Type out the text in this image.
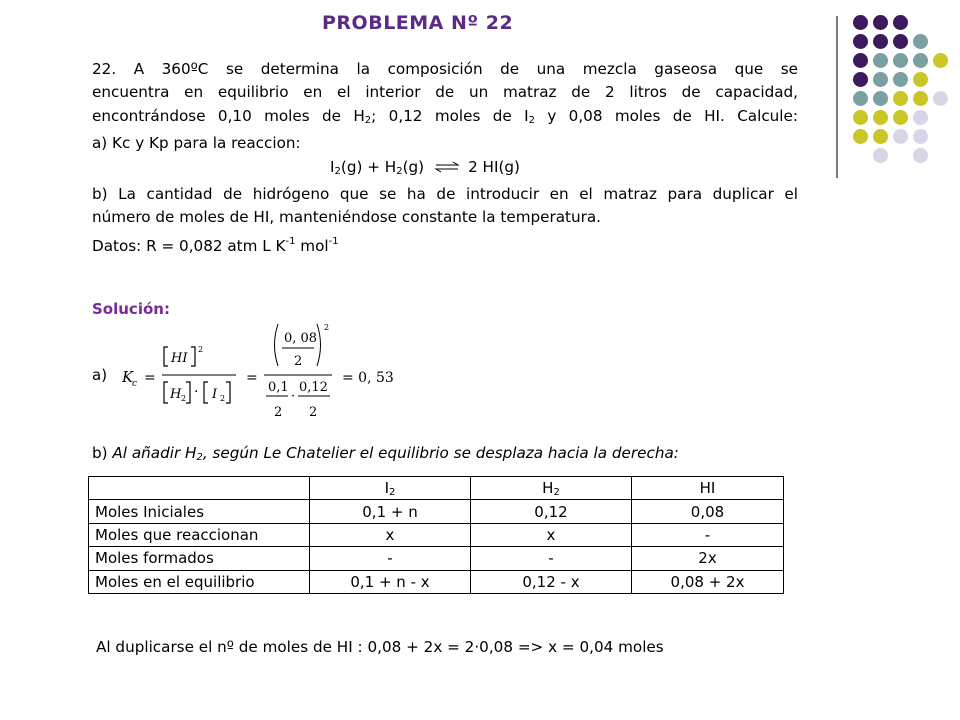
PROBLEMA Nº 22
22. A 360ºC se determina la composición de una mezcla gaseosa que se
encuentra en equilibrio en el interior de un matraz de 2 litros de capacidad,
encontrándose 0,10 moles de $H_2$; 0,12 moles de $I_2$ y 0,08 moles de HI. Calcule:
a) Kc y Kp para la reaccion:
$I_2(g) + H_2(g)$ ⇌ 2 HI(g)
b) La cantidad de hidrógeno que se ha de introducir en el matraz para duplicar el
número de moles de HI, manteniéndose constante la temperatura.
Datos: R = 0,082 atm L $K^{-1}$ mol$^{-1}$

Solución:

a) K
c =
HI
2
H 2 · I 2
=
0, 08
2
2
0,1
2
·
0,12
2
= 0, 53

b) Al añadir $H_2$, según Le Chatelier el equilibrio se desplaza hacia la derecha:

	$I_2$	$H_2$	HI
Moles Iniciales	0,1 + n	0,12	0,08
Moles que reaccionan	x	x	-
Moles formados	-	-	2x
Moles en el equilibrio	0,1 + n - x	0,12 - x	0,08 + 2x

Al duplicarse el nº de moles de HI : 0,08 + 2x = 2·0,08 => x = 0,04 moles
